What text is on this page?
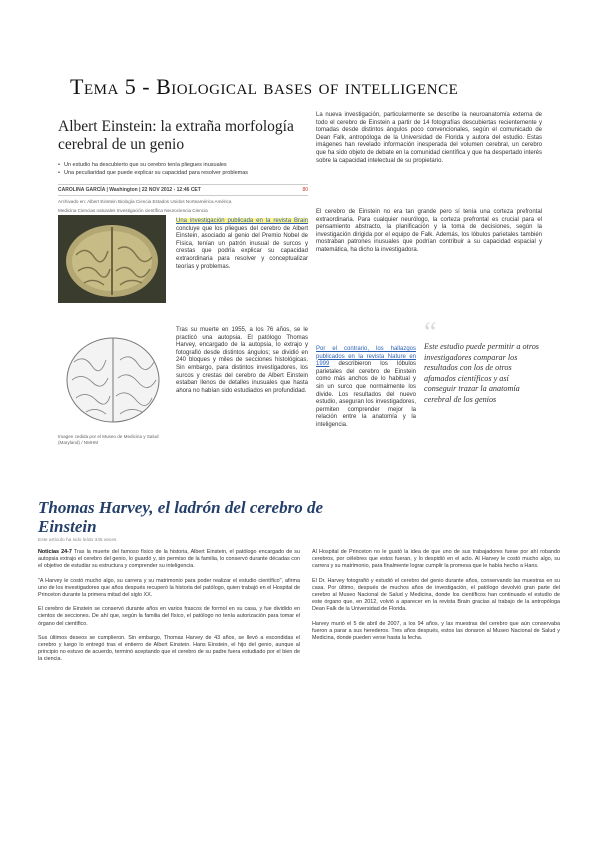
Tema 5 - Biological bases of intelligence
Albert Einstein: la extraña morfología cerebral de un genio
• Un estudio ha descubierto que su cerebro tenía pliegues inusuales
• Una peculiaridad que puede explicar su capacidad para resolver problemas
CAROLINA GARCÍA | Washington | 22 NOV 2012 - 12:46 CET	80
Archivado en: Albert Einstein Biología Ciencia Estados Unidos Norteamérica América
Medicina Ciencias naturales Investigación científica Neurociencia Ciencia
Imagen cedida por el Museo de Medicina y Salud (Maryland) / NMHM
Una investigación publicada en la revista Brain concluye que los pliegues del cerebro de Albert Einstein, asociado al genio del Premio Nobel de Física, tenían un patrón inusual de surcos y crestas que podría explicar su capacidad extraordinaria para resolver y conceptualizar teorías y problemas.
Tras su muerte en 1955, a los 76 años, se le practicó una autopsia. El patólogo Thomas Harvey, encargado de la autopsia, lo extrajo y fotografió desde distintos ángulos; se dividió en 240 bloques y miles de secciones histológicas. Sin embargo, para distintos investigadores, los surcos y crestas del cerebro de Albert Einstein estaban llenos de detalles inusuales que hasta ahora no habían sido estudiados en profundidad.
La nueva investigación, particularmente se describe la neuroanatomía externa de todo el cerebro de Einstein a partir de 14 fotografías descubiertas recientemente y tomadas desde distintos ángulos poco convencionales, según el comunicado de Dean Falk, antropóloga de la Universidad de Florida y autora del estudio. Estas imágenes han revelado información inesperada del volumen cerebral, un cerebro que ha sido objeto de debate en la comunidad científica y que ha despertado interés sobre la capacidad intelectual de su propietario.
El cerebro de Einstein no era tan grande pero sí tenía una corteza prefrontal extraordinaria. Para cualquier neurólogo, la corteza prefrontal es crucial para el pensamiento abstracto, la planificación y la toma de decisiones, según la investigación dirigida por el equipo de Falk. Además, los lóbulos parietales también mostraban patrones inusuales que podrían contribuir a su capacidad espacial y matemática, ha dicho la investigadora.
Por el contrario, los hallazgos publicados en la revista Nature en 1999 describieron los lóbulos parietales del cerebro de Einstein como más anchos de lo habitual y sin un surco que normalmente los divide. Los resultados del nuevo estudio, aseguran los investigadores, permiten comprender mejor la relación entre la anatomía y la inteligencia.
“
Este estudio puede permitir a otros investigadores comparar los resultados con los de otros afamados científicos y así conseguir trazar la anatomía cerebral de los genios
Thomas Harvey, el ladrón del cerebro de Einstein
Este artículo ha sido leído 345 veces

Noticias 24-7 Tras la muerte del famoso físico de la historia, Albert Einstein, el patólogo encargado de su autopsia extrajo el cerebro del genio, lo guardó y, sin permiso de la familia, lo conservó durante décadas con el objetivo de estudiar su estructura y comprender su inteligencia.

"A Harvey le costó mucho algo, su carrera y su matrimonio para poder realizar el estudio científico", afirma uno de los investigadores que años después recuperó la historia del patólogo, quien trabajó en el Hospital de Princeton durante la primera mitad del siglo XX.

El cerebro de Einstein se conservó durante años en varios frascos de formol en su casa, y fue dividido en cientos de secciones. De ahí que, según la familia del físico, el patólogo no tenía autorización para tomar el órgano del científico.

Sus últimos deseos se cumplieron. Sin embargo, Thomas Harvey de 43 años, se llevó a escondidas el cerebro y luego lo entregó tras el entierro de Albert Einstein. Hans Einstein, el hijo del genio, aunque al principio no estuvo de acuerdo, terminó aceptando que el cerebro de su padre fuera estudiado por el bien de la ciencia.

Al Hospital de Princeton no le gustó la idea de que uno de sus trabajadores fuese por ahí robando cerebros, por célebres que estos fueran, y lo despidió en el acto. Al Harvey le costó mucho algo, su carrera y su matrimonio, para finalmente lograr cumplir la promesa que le había hecho a Hans.

El Dr. Harvey fotografió y estudió el cerebro del genio durante años, conservando las muestras en su casa. Por último, después de muchos años de investigación, el patólogo devolvió gran parte del cerebro al Museo Nacional de Salud y Medicina, donde los científicos han continuado el estudio de este órgano que, en 2012, volvió a aparecer en la revista Brain gracias al trabajo de la antropóloga Dean Falk de la Universidad de Florida.

Harvey murió el 5 de abril de 2007, a los 94 años, y las muestras del cerebro que aún conservaba fueron a parar a sus herederos. Tres años después, estos las donaron al Museo Nacional de Salud y Medicina, donde pueden verse hasta la fecha.
